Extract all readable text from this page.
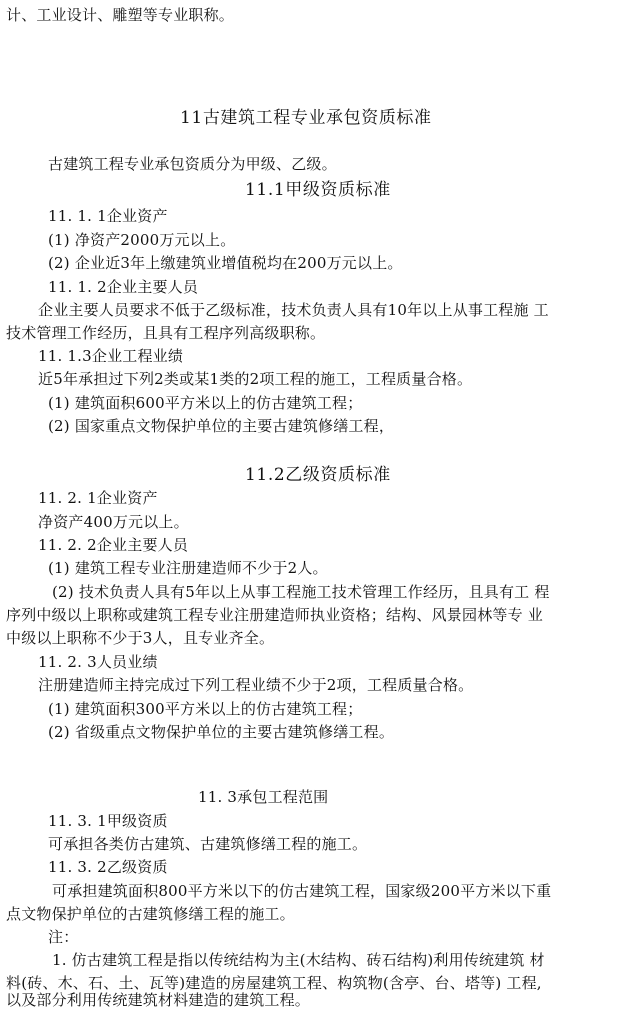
计、工业设计、雕塑等专业职称。
11古建筑工程专业承包资质标准
古建筑工程专业承包资质分为甲级、乙级。
11.1甲级资质标准
11. 1. 1企业资产
(1) 净资产2000万元以上。
(2) 企业近3年上缴建筑业增值税均在200万元以上。
11. 1. 2企业主要人员
企业主要人员要求不低于乙级标准，技术负责人具有10年以上从事工程施 工
技术管理工作经历，且具有工程序列高级职称。
11. 1.3企业工程业绩
近5年承担过下列2类或某1类的2项工程的施工，工程质量合格。
(1) 建筑面积600平方米以上的仿古建筑工程；
(2) 国家重点文物保护单位的主要古建筑修缮工程，
11.2乙级资质标准
11. 2. 1企业资产
净资产400万元以上。
11. 2. 2企业主要人员
(1) 建筑工程专业注册建造师不少于2人。
(2) 技术负责人具有5年以上从事工程施工技术管理工作经历，且具有工 程
序列中级以上职称或建筑工程专业注册建造师执业资格；结构、风景园林等专 业
中级以上职称不少于3人，且专业齐全。
11. 2. 3人员业绩
注册建造师主持完成过下列工程业绩不少于2项，工程质量合格。
(1) 建筑面积300平方米以上的仿古建筑工程；
(2) 省级重点文物保护单位的主要古建筑修缮工程。
11. 3承包工程范围
11. 3. 1甲级资质
可承担各类仿古建筑、古建筑修缮工程的施工。
11. 3. 2乙级资质
可承担建筑面积800平方米以下的仿古建筑工程，国家级200平方米以下重
点文物保护单位的古建筑修缮工程的施工。
注：
1. 仿古建筑工程是指以传统结构为主(木结构、砖石结构)利用传统建筑 材
料(砖、木、石、土、瓦等)建造的房屋建筑工程、构筑物(含亭、台、塔等) 工程,
以及部分利用传统建筑材料建造的建筑工程。
